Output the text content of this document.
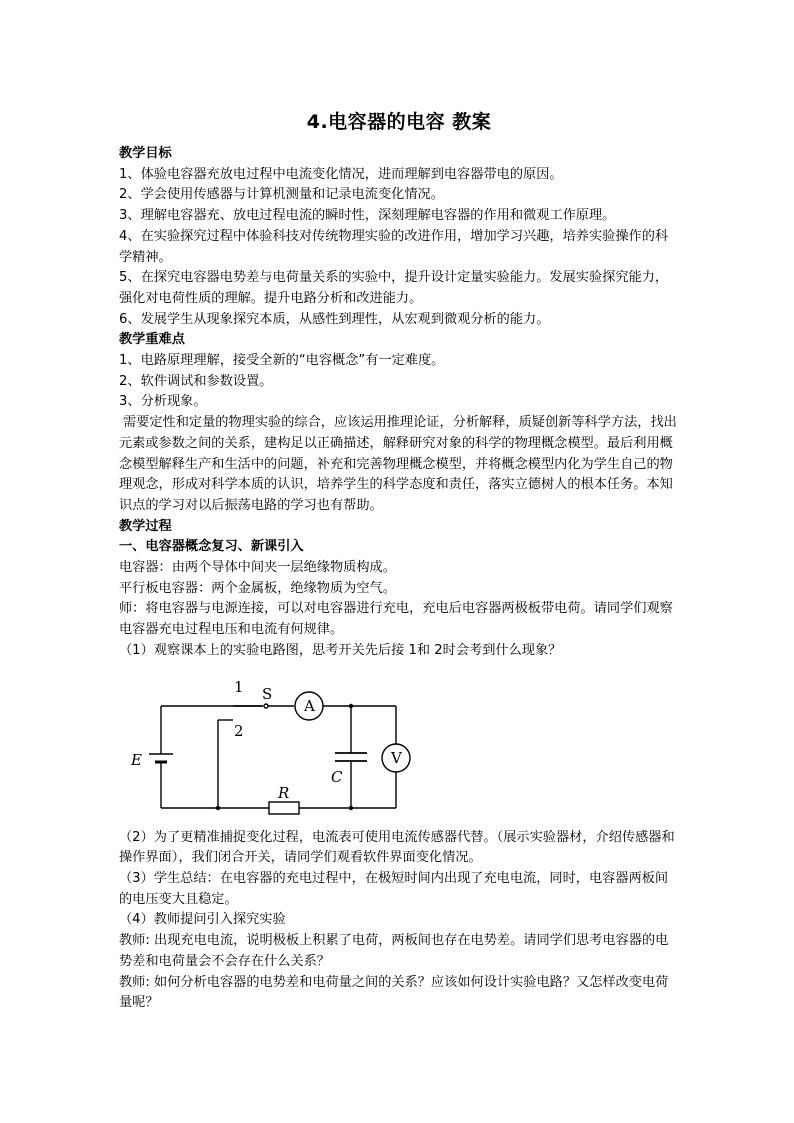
4.电容器的电容 教案
教学目标
1、体验电容器充放电过程中电流变化情况，进而理解到电容器带电的原因。
2、学会使用传感器与计算机测量和记录电流变化情况。
3、理解电容器充、放电过程电流的瞬时性，深刻理解电容器的作用和微观工作原理。
4、在实验探究过程中体验科技对传统物理实验的改进作用，增加学习兴趣，培养实验操作的科学精神。
5、在探究电容器电势差与电荷量关系的实验中，提升设计定量实验能力。发展实验探究能力，强化对电荷性质的理解。提升电路分析和改进能力。
6、发展学生从现象探究本质，从感性到理性，从宏观到微观分析的能力。
教学重难点
1、电路原理理解，接受全新的“电容概念”有一定难度。
2、软件调试和参数设置。
3、分析现象。
需要定性和定量的物理实验的综合，应该运用推理论证，分析解释，质疑创新等科学方法，找出元素或参数之间的关系，建构足以正确描述，解释研究对象的科学的物理概念模型。最后利用概念模型解释生产和生活中的问题，补充和完善物理概念模型，并将概念模型内化为学生自己的物理观念，形成对科学本质的认识，培养学生的科学态度和责任，落实立德树人的根本任务。本知识点的学习对以后振荡电路的学习也有帮助。
教学过程
一、电容器概念复习、新课引入
电容器：由两个导体中间夹一层绝缘物质构成。
平行板电容器：两个金属板，绝缘物质为空气。
师：将电容器与电源连接，可以对电容器进行充电，充电后电容器两极板带电荷。请同学们观察电容器充电过程电压和电流有何规律。
（1）观察课本上的实验电路图，思考开关先后接 1和 2时会考到什么现象？
1
2
S
A
V
E
C
R
（2）为了更精准捕捉变化过程，电流表可使用电流传感器代替。（展示实验器材，介绍传感器和操作界面），我们闭合开关，请同学们观看软件界面变化情况。
（3）学生总结：在电容器的充电过程中，在极短时间内出现了充电电流，同时，电容器两板间的电压变大且稳定。
（4）教师提问引入探究实验
教师: 出现充电电流，说明极板上积累了电荷，两板间也存在电势差。请同学们思考电容器的电势差和电荷量会不会存在什么关系？
教师: 如何分析电容器的电势差和电荷量之间的关系？应该如何设计实验电路？又怎样改变电荷量呢？
